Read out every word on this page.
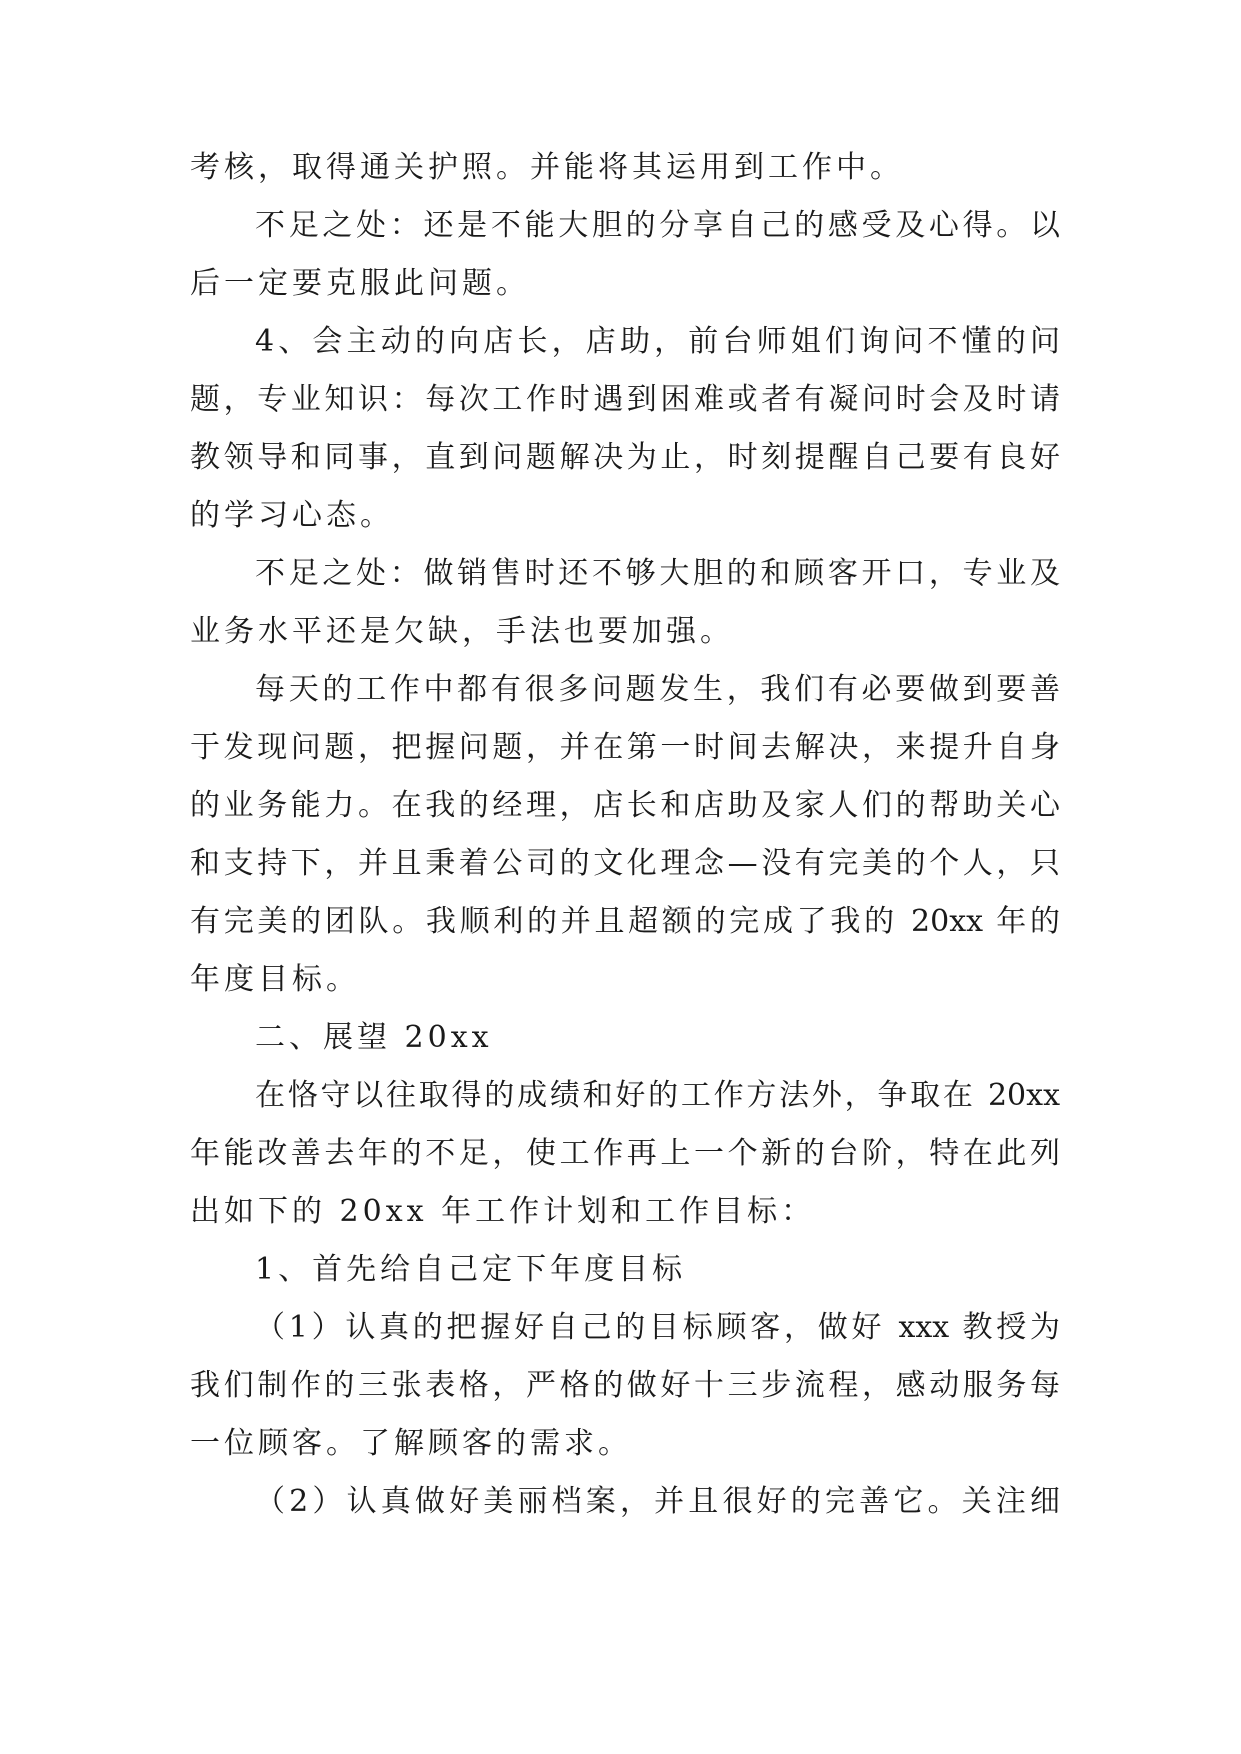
考核，取得通关护照。并能将其运用到工作中。
不足之处：还是不能大胆的分享自己的感受及心得。以
后一定要克服此问题。
4、会主动的向店长，店助，前台师姐们询问不懂的问
题，专业知识：每次工作时遇到困难或者有凝问时会及时请
教领导和同事，直到问题解决为止，时刻提醒自己要有良好
的学习心态。
不足之处：做销售时还不够大胆的和顾客开口，专业及
业务水平还是欠缺，手法也要加强。
每天的工作中都有很多问题发生，我们有必要做到要善
于发现问题，把握问题，并在第一时间去解决，来提升自身
的业务能力。在我的经理，店长和店助及家人们的帮助关心
和支持下，并且秉着公司的文化理念—没有完美的个人，只
有完美的团队。我顺利的并且超额的完成了我的 20xx 年的
年度目标。
二、展望 20xx
在恪守以往取得的成绩和好的工作方法外，争取在 20xx
年能改善去年的不足，使工作再上一个新的台阶，特在此列
出如下的 20xx 年工作计划和工作目标：
1、首先给自己定下年度目标
（1）认真的把握好自己的目标顾客，做好 xxx 教授为
我们制作的三张表格，严格的做好十三步流程，感动服务每
一位顾客。了解顾客的需求。
（2）认真做好美丽档案，并且很好的完善它。关注细
